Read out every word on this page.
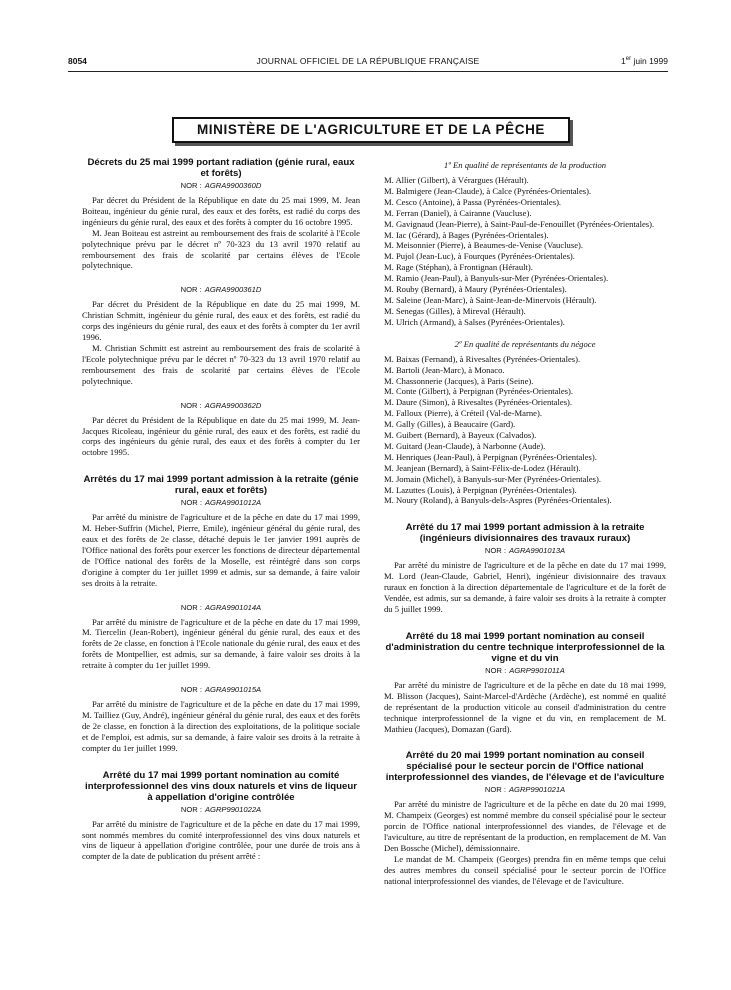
8054	JOURNAL OFFICIEL DE LA RÉPUBLIQUE FRANÇAISE	1er juin 1999
MINISTÈRE DE L'AGRICULTURE ET DE LA PÊCHE
Décrets du 25 mai 1999 portant radiation (génie rural, eaux et forêts)
NOR : AGRA9900360D

Par décret du Président de la République en date du 25 mai 1999, M. Jean Boiteau, ingénieur du génie rural, des eaux et des forêts, est radié du corps des ingénieurs du génie rural, des eaux et des forêts à compter du 16 octobre 1995.

M. Jean Boiteau est astreint au remboursement des frais de scolarité à l'Ecole polytechnique prévu par le décret nº 70-323 du 13 avril 1970 relatif au remboursement des frais de scolarité par certains élèves de l'Ecole polytechnique.

NOR : AGRA9900361D

Par décret du Président de la République en date du 25 mai 1999, M. Christian Schmitt, ingénieur du génie rural, des eaux et des forêts, est radié du corps des ingénieurs du génie rural, des eaux et des forêts à compter du 1er avril 1996.

M. Christian Schmitt est astreint au remboursement des frais de scolarité à l'Ecole polytechnique prévu par le décret nº 70-323 du 13 avril 1970 relatif au remboursement des frais de scolarité par certains élèves de l'Ecole polytechnique.

NOR : AGRA9900362D

Par décret du Président de la République en date du 25 mai 1999, M. Jean-Jacques Ricoleau, ingénieur du génie rural, des eaux et des forêts, est radié du corps des ingénieurs du génie rural, des eaux et des forêts à compter du 1er octobre 1995.

Arrêtés du 17 mai 1999 portant admission à la retraite (génie rural, eaux et forêts)
NOR : AGRA9901012A

Par arrêté du ministre de l'agriculture et de la pêche en date du 17 mai 1999, M. Heber-Suffrin (Michel, Pierre, Emile), ingénieur général du génie rural, des eaux et des forêts de 2e classe, détaché depuis le 1er janvier 1991 auprès de l'Office national des forêts pour exercer les fonctions de directeur départemental de l'Office national des forêts de la Moselle, est réintégré dans son corps d'origine à compter du 1er juillet 1999 et admis, sur sa demande, à faire valoir ses droits à la retraite.

NOR : AGRA9901014A

Par arrêté du ministre de l'agriculture et de la pêche en date du 17 mai 1999, M. Tiercelin (Jean-Robert), ingénieur général du génie rural, des eaux et des forêts de 2e classe, en fonction à l'Ecole nationale du génie rural, des eaux et des forêts de Montpellier, est admis, sur sa demande, à faire valoir ses droits à la retraite à compter du 1er juillet 1999.

NOR : AGRA9901015A

Par arrêté du ministre de l'agriculture et de la pêche en date du 17 mai 1999, M. Tailliez (Guy, André), ingénieur général du génie rural, des eaux et des forêts de 2e classe, en fonction à la direction des exploitations, de la politique sociale et de l'emploi, est admis, sur sa demande, à faire valoir ses droits à la retraite à compter du 1er juillet 1999.

Arrêté du 17 mai 1999 portant nomination au comité interprofessionnel des vins doux naturels et vins de liqueur à appellation d'origine contrôlée
NOR : AGRP9901022A

Par arrêté du ministre de l'agriculture et de la pêche en date du 17 mai 1999, sont nommés membres du comité interprofessionnel des vins doux naturels et vins de liqueur à appellation d'origine contrôlée, pour une durée de trois ans à compter de la date de publication du présent arrêté :

1º En qualité de représentants de la production

M. Allier (Gilbert), à Vérargues (Hérault).

M. Balmigere (Jean-Claude), à Calce (Pyrénées-Orientales).

M. Cesco (Antoine), à Passa (Pyrénées-Orientales).

M. Ferran (Daniel), à Cairanne (Vaucluse).

M. Gavignaud (Jean-Pierre), à Saint-Paul-de-Fenouillet (Pyrénées-Orientales).

M. Iac (Gérard), à Bages (Pyrénées-Orientales).

M. Meisonnier (Pierre), à Beaumes-de-Venise (Vaucluse).

M. Pujol (Jean-Luc), à Fourques (Pyrénées-Orientales).

M. Rage (Stéphan), à Frontignan (Hérault).

M. Ramio (Jean-Paul), à Banyuls-sur-Mer (Pyrénées-Orientales).

M. Rouby (Bernard), à Maury (Pyrénées-Orientales).

M. Saleine (Jean-Marc), à Saint-Jean-de-Minervois (Hérault).

M. Senegas (Gilles), à Mireval (Hérault).

M. Ulrich (Armand), à Salses (Pyrénées-Orientales).

2º En qualité de représentants du négoce

M. Baixas (Fernand), à Rivesaltes (Pyrénées-Orientales).

M. Bartoli (Jean-Marc), à Monaco.

M. Chassonnerie (Jacques), à Paris (Seine).

M. Conte (Gilbert), à Perpignan (Pyrénées-Orientales).

M. Daure (Simon), à Rivesaltes (Pyrénées-Orientales).

M. Falloux (Pierre), à Créteil (Val-de-Marne).

M. Gally (Gilles), à Beaucaire (Gard).

M. Guibert (Bernard), à Bayeux (Calvados).

M. Guitard (Jean-Claude), à Narbonne (Aude).

M. Henriques (Jean-Paul), à Perpignan (Pyrénées-Orientales).

M. Jeanjean (Bernard), à Saint-Félix-de-Lodez (Hérault).

M. Jomain (Michel), à Banyuls-sur-Mer (Pyrénées-Orientales).

M. Lazuttes (Louis), à Perpignan (Pyrénées-Orientales).

M. Noury (Roland), à Banyuls-dels-Aspres (Pyrénées-Orientales).

Arrêté du 17 mai 1999 portant admission à la retraite (ingénieurs divisionnaires des travaux ruraux)
NOR : AGRA9901013A

Par arrêté du ministre de l'agriculture et de la pêche en date du 17 mai 1999, M. Lord (Jean-Claude, Gabriel, Henri), ingénieur divisionnaire des travaux ruraux en fonction à la direction départementale de l'agriculture et de la forêt de Vendée, est admis, sur sa demande, à faire valoir ses droits à la retraite à compter du 5 juillet 1999.

Arrêté du 18 mai 1999 portant nomination au conseil d'administration du centre technique interprofessionnel de la vigne et du vin
NOR : AGRP9901011A

Par arrêté du ministre de l'agriculture et de la pêche en date du 18 mai 1999, M. Blisson (Jacques), Saint-Marcel-d'Ardèche (Ardèche), est nommé en qualité de représentant de la production viticole au conseil d'administration du centre technique interprofessionnel de la vigne et du vin, en remplacement de M. Mathieu (Jacques), Domazan (Gard).

Arrêté du 20 mai 1999 portant nomination au conseil spécialisé pour le secteur porcin de l'Office national interprofessionnel des viandes, de l'élevage et de l'aviculture
NOR : AGRP9901021A

Par arrêté du ministre de l'agriculture et de la pêche en date du 20 mai 1999, M. Champeix (Georges) est nommé membre du conseil spécialisé pour le secteur porcin de l'Office national interprofessionnel des viandes, de l'élevage et de l'aviculture, au titre de représentant de la production, en remplacement de M. Van Den Bossche (Michel), démissionnaire.

Le mandat de M. Champeix (Georges) prendra fin en même temps que celui des autres membres du conseil spécialisé pour le secteur porcin de l'Office national interprofessionnel des viandes, de l'élevage et de l'aviculture.
